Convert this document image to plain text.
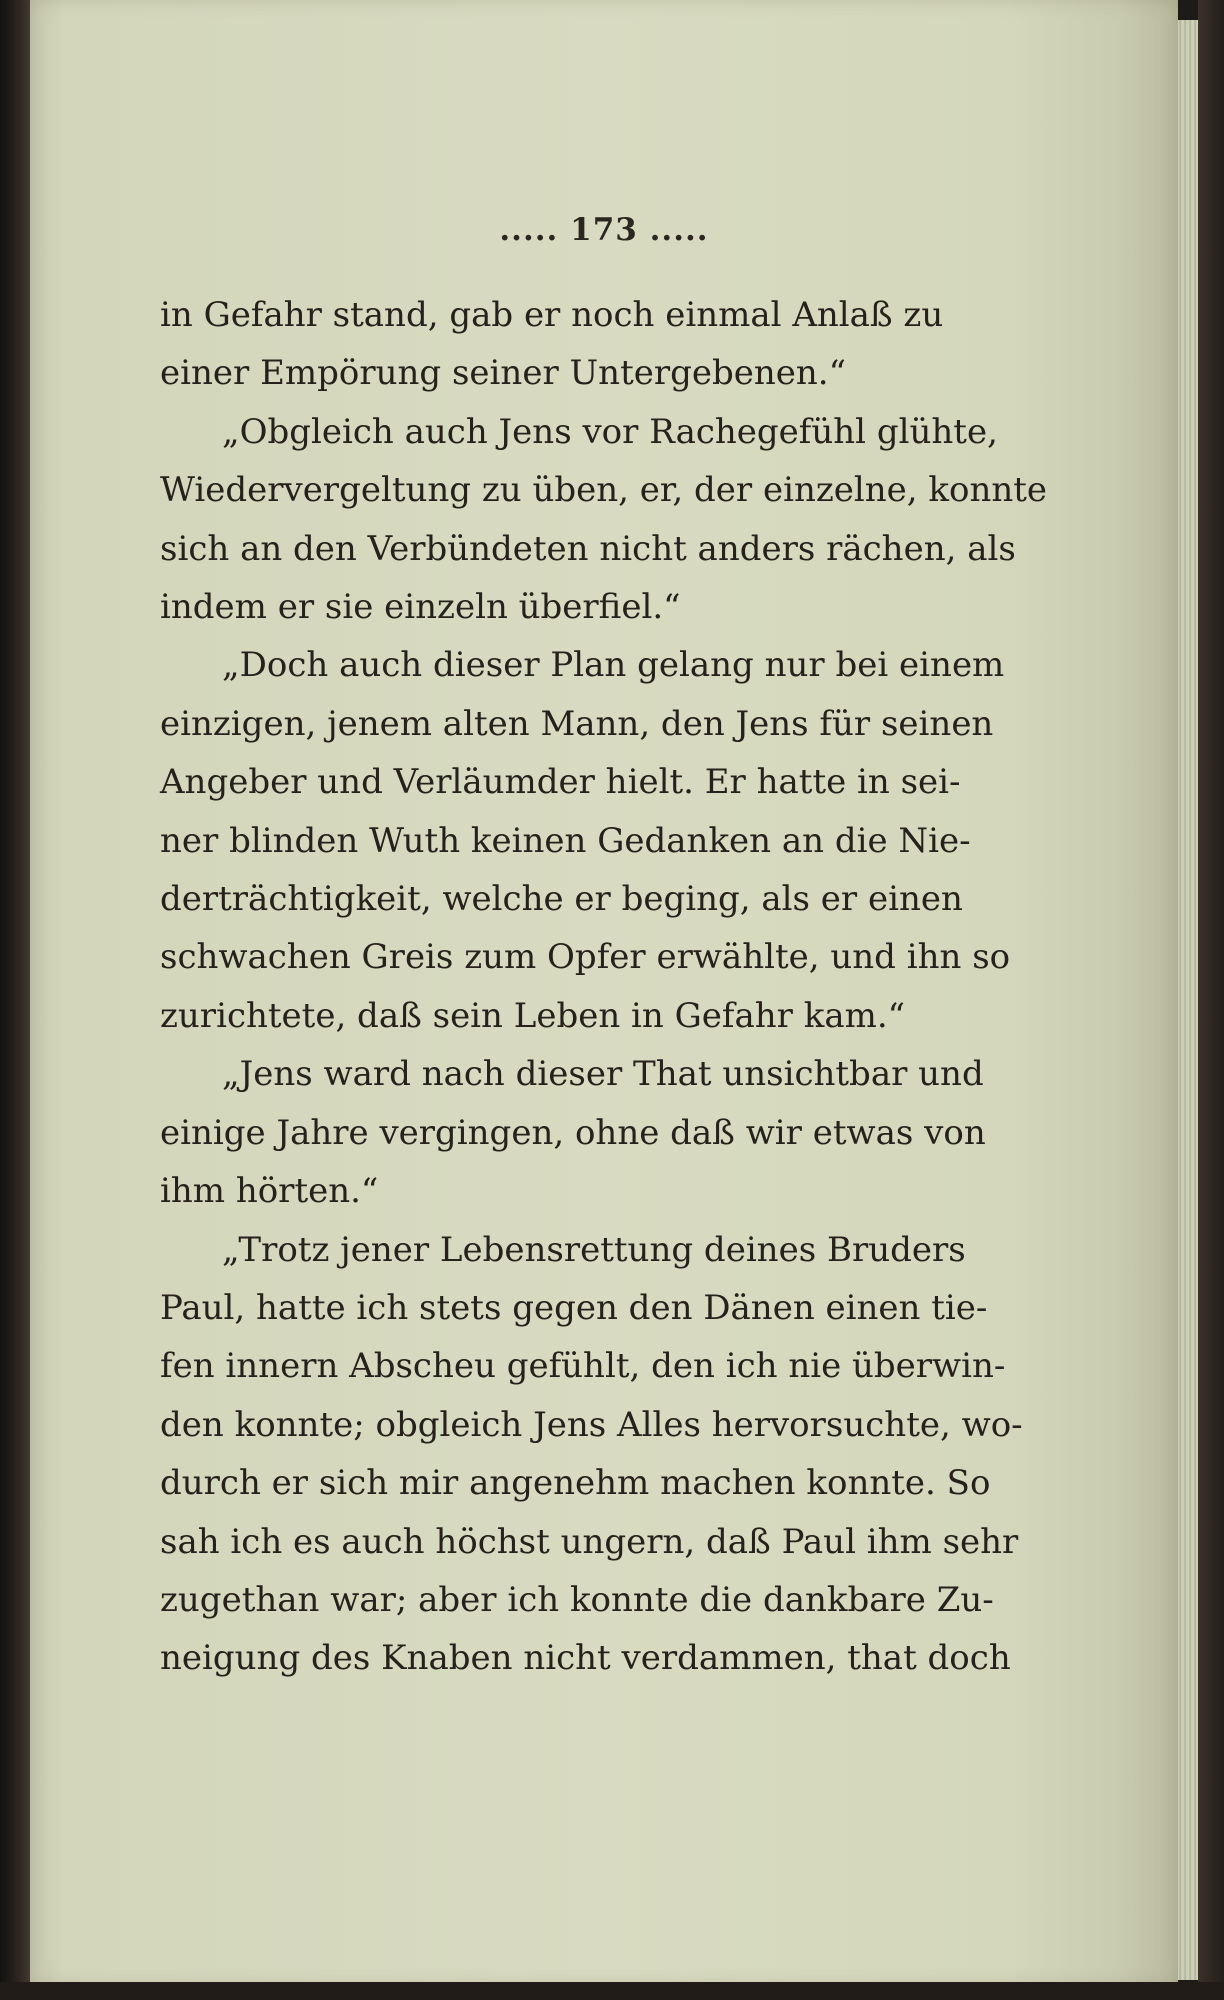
..... 173 .....

in Gefahr stand, gab er noch einmal Anlaß zu
einer Empörung seiner Untergebenen.“

„Obgleich auch Jens vor Rachegefühl glühte,
Wiedervergeltung zu üben, er, der einzelne, konnte
sich an den Verbündeten nicht anders rächen, als
indem er sie einzeln überfiel.“

„Doch auch dieser Plan gelang nur bei einem
einzigen, jenem alten Mann, den Jens für seinen
Angeber und Verläumder hielt. Er hatte in sei-
ner blinden Wuth keinen Gedanken an die Nie-
derträchtigkeit, welche er beging, als er einen
schwachen Greis zum Opfer erwählte, und ihn so
zurichtete, daß sein Leben in Gefahr kam.“

„Jens ward nach dieser That unsichtbar und
einige Jahre vergingen, ohne daß wir etwas von
ihm hörten.“

„Trotz jener Lebensrettung deines Bruders
Paul, hatte ich stets gegen den Dänen einen tie-
fen innern Abscheu gefühlt, den ich nie überwin-
den konnte; obgleich Jens Alles hervorsuchte, wo-
durch er sich mir angenehm machen konnte. So
sah ich es auch höchst ungern, daß Paul ihm sehr
zugethan war; aber ich konnte die dankbare Zu-
neigung des Knaben nicht verdammen, that doch
